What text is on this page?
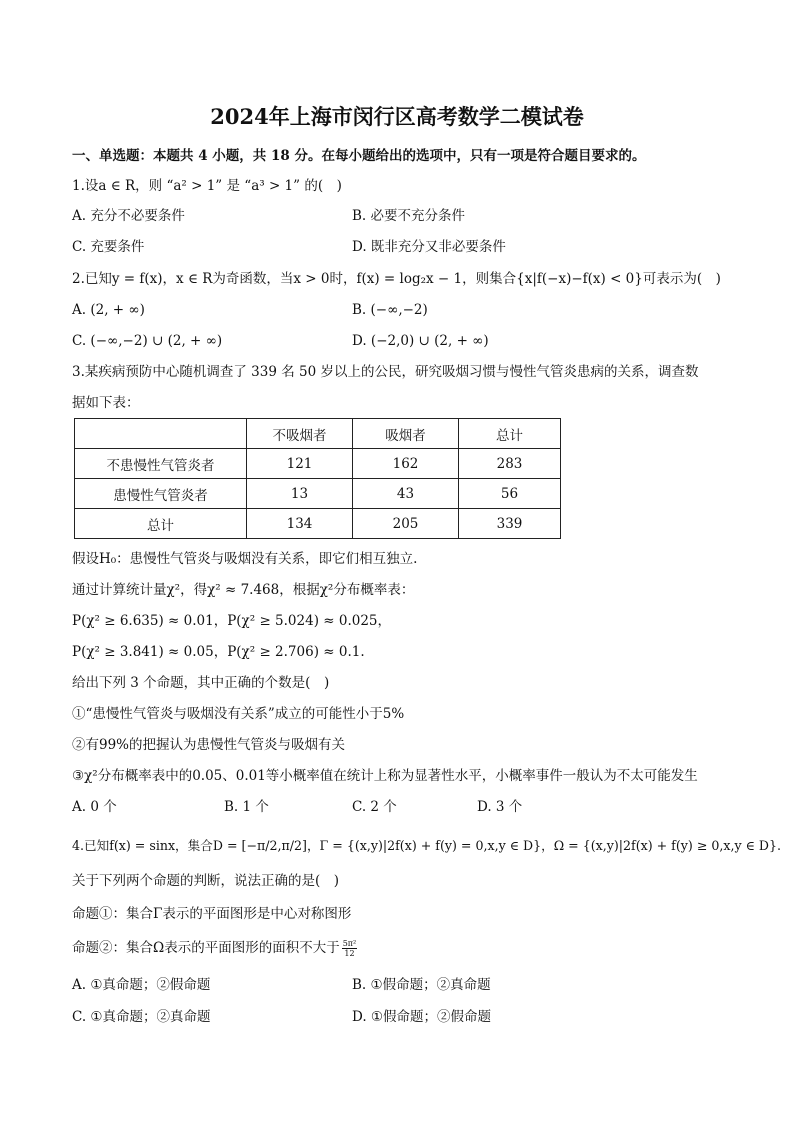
2024年上海市闵行区高考数学二模试卷
一、单选题：本题共 4 小题，共 18 分。在每小题给出的选项中，只有一项是符合题目要求的。
1.设a ∈ R，则 “a² > 1” 是 “a³ > 1” 的(　)
A. 充分不必要条件	B. 必要不充分条件
C. 充要条件	D. 既非充分又非必要条件
2.已知y = f(x)，x ∈ R为奇函数，当x > 0时，f(x) = log₂x − 1，则集合{x|f(−x)−f(x) < 0}可表示为(　)
A. (2, + ∞)	B. (−∞,−2)
C. (−∞,−2) ∪ (2, + ∞)	D. (−2,0) ∪ (2, + ∞)
3.某疾病预防中心随机调查了 339 名 50 岁以上的公民，研究吸烟习惯与慢性气管炎患病的关系，调查数
据如下表：
	不吸烟者	吸烟者	总计
不患慢性气管炎者	121	162	283
患慢性气管炎者	13	43	56
总计	134	205	339
假设H₀：患慢性气管炎与吸烟没有关系，即它们相互独立.
通过计算统计量χ²，得χ² ≈ 7.468，根据χ²分布概率表：
P(χ² ≥ 6.635) ≈ 0.01，P(χ² ≥ 5.024) ≈ 0.025，
P(χ² ≥ 3.841) ≈ 0.05，P(χ² ≥ 2.706) ≈ 0.1.
给出下列 3 个命题，其中正确的个数是(　)
①“患慢性气管炎与吸烟没有关系”成立的可能性小于5%
②有99%的把握认为患慢性气管炎与吸烟有关
③χ²分布概率表中的0.05、0.01等小概率值在统计上称为显著性水平，小概率事件一般认为不太可能发生
A. 0 个	B. 1 个	C. 2 个	D. 3 个
4.已知f(x) = sinx，集合D = [−π/2,π/2]，Γ = {(x,y)|2f(x) + f(y) = 0,x,y ∈ D}，Ω = {(x,y)|2f(x) + f(y) ≥ 0,x,y ∈ D}.
关于下列两个命题的判断，说法正确的是(　)
命题①：集合Γ表示的平面图形是中心对称图形
命题②：集合Ω表示的平面图形的面积不大于 $\frac{\text{5π²}}{12}$
A. ①真命题；②假命题	B. ①假命题；②真命题
C. ①真命题；②真命题	D. ①假命题；②假命题
